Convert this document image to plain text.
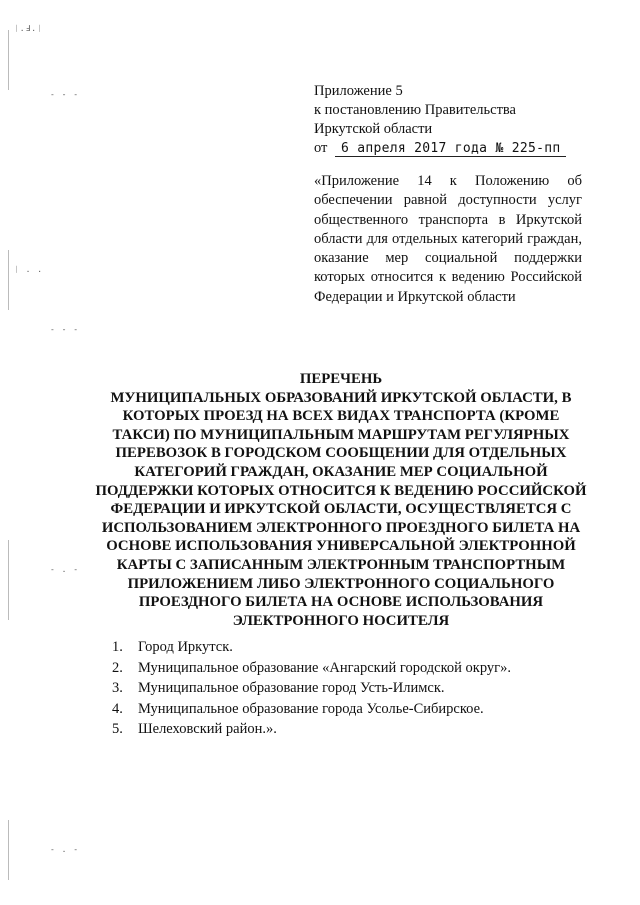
ᛁ.Ⅎ.ᛁ
- - -
ᛁ . .
- - -
- . -
- . -
Приложение 5
к постановлению Правительства
Иркутской области
от 6 апреля 2017 года № 225-пп

«Приложение 14 к Положению об обеспечении равной доступности услуг общественного транспорта в Иркутской области для отдельных категорий граждан, оказание мер социальной поддержки которых относится к ведению Российской Федерации и Иркутской области

ПЕРЕЧЕНЬ
МУНИЦИПАЛЬНЫХ ОБРАЗОВАНИЙ ИРКУТСКОЙ ОБЛАСТИ, В
КОТОРЫХ ПРОЕЗД НА ВСЕХ ВИДАХ ТРАНСПОРТА (КРОМЕ
ТАКСИ) ПО МУНИЦИПАЛЬНЫМ МАРШРУТАМ РЕГУЛЯРНЫХ
ПЕРЕВОЗОК В ГОРОДСКОМ СООБЩЕНИИ ДЛЯ ОТДЕЛЬНЫХ
КАТЕГОРИЙ ГРАЖДАН, ОКАЗАНИЕ МЕР СОЦИАЛЬНОЙ
ПОДДЕРЖКИ КОТОРЫХ ОТНОСИТСЯ К ВЕДЕНИЮ РОССИЙСКОЙ
ФЕДЕРАЦИИ И ИРКУТСКОЙ ОБЛАСТИ, ОСУЩЕСТВЛЯЕТСЯ С
ИСПОЛЬЗОВАНИЕМ ЭЛЕКТРОННОГО ПРОЕЗДНОГО БИЛЕТА НА
ОСНОВЕ ИСПОЛЬЗОВАНИЯ УНИВЕРСАЛЬНОЙ ЭЛЕКТРОННОЙ
КАРТЫ С ЗАПИСАННЫМ ЭЛЕКТРОННЫМ ТРАНСПОРТНЫМ
ПРИЛОЖЕНИЕМ ЛИБО ЭЛЕКТРОННОГО СОЦИАЛЬНОГО
ПРОЕЗДНОГО БИЛЕТА НА ОСНОВЕ ИСПОЛЬЗОВАНИЯ
ЭЛЕКТРОННОГО НОСИТЕЛЯ
1.	Город Иркутск.
2.	Муниципальное образование «Ангарский городской округ».
3.	Муниципальное образование город Усть-Илимск.
4.	Муниципальное образование города Усолье-Сибирское.
5.	Шелеховский район.».
